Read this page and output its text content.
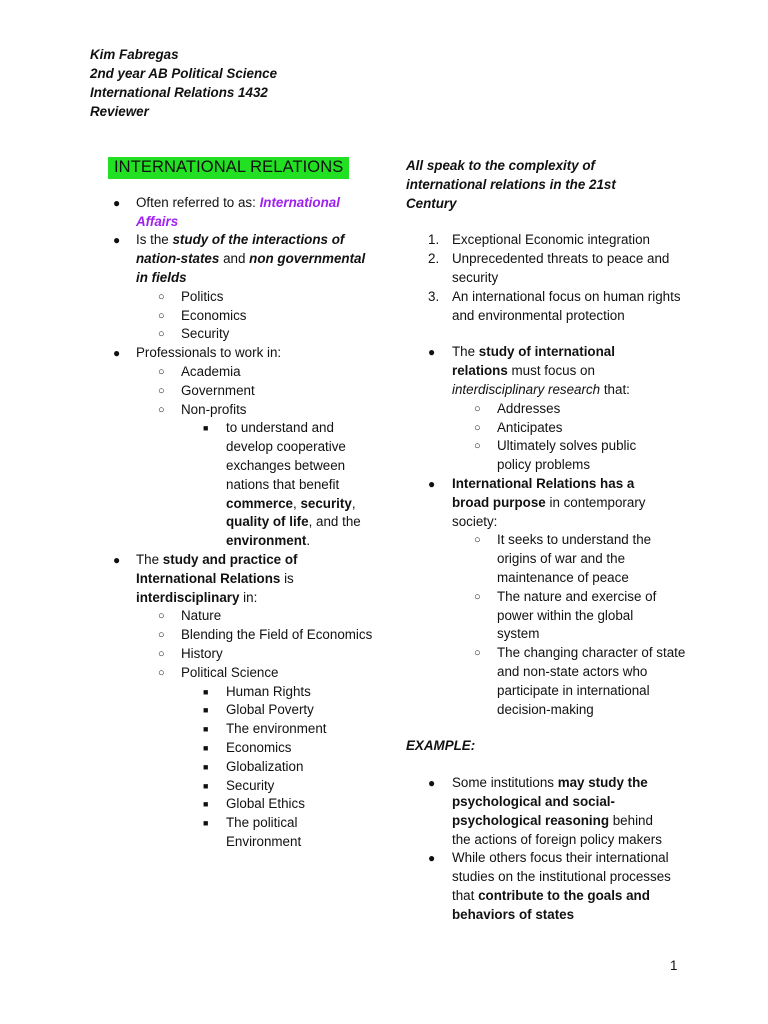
Kim Fabregas
2nd year AB Political Science
International Relations 1432
Reviewer
INTERNATIONAL RELATIONS
● Often referred to as: International Affairs
● Is the study of the interactions of nation-states and non governmental in fields
○ Politics
○ Economics
○ Security
● Professionals to work in:
○ Academia
○ Government
○ Non-profits
■ to understand and develop cooperative exchanges between nations that benefit commerce, security, quality of life, and the environment.
● The study and practice of International Relations is interdisciplinary in:
○ Nature
○ Blending the Field of Economics
○ History
○ Political Science
■ Human Rights
■ Global Poverty
■ The environment
■ Economics
■ Globalization
■ Security
■ Global Ethics
■ The political Environment
All speak to the complexity of international relations in the 21st Century
1. Exceptional Economic integration
2. Unprecedented threats to peace and security
3. An international focus on human rights and environmental protection
● The study of international relations must focus on interdisciplinary research that:
○ Addresses
○ Anticipates
○ Ultimately solves public policy problems
● International Relations has a broad purpose in contemporary society:
○ It seeks to understand the origins of war and the maintenance of peace
○ The nature and exercise of power within the global system
○ The changing character of state and non-state actors who participate in international decision-making
EXAMPLE:
● Some institutions may study the psychological and social-psychological reasoning behind the actions of foreign policy makers
● While others focus their international studies on the institutional processes that contribute to the goals and behaviors of states
1
